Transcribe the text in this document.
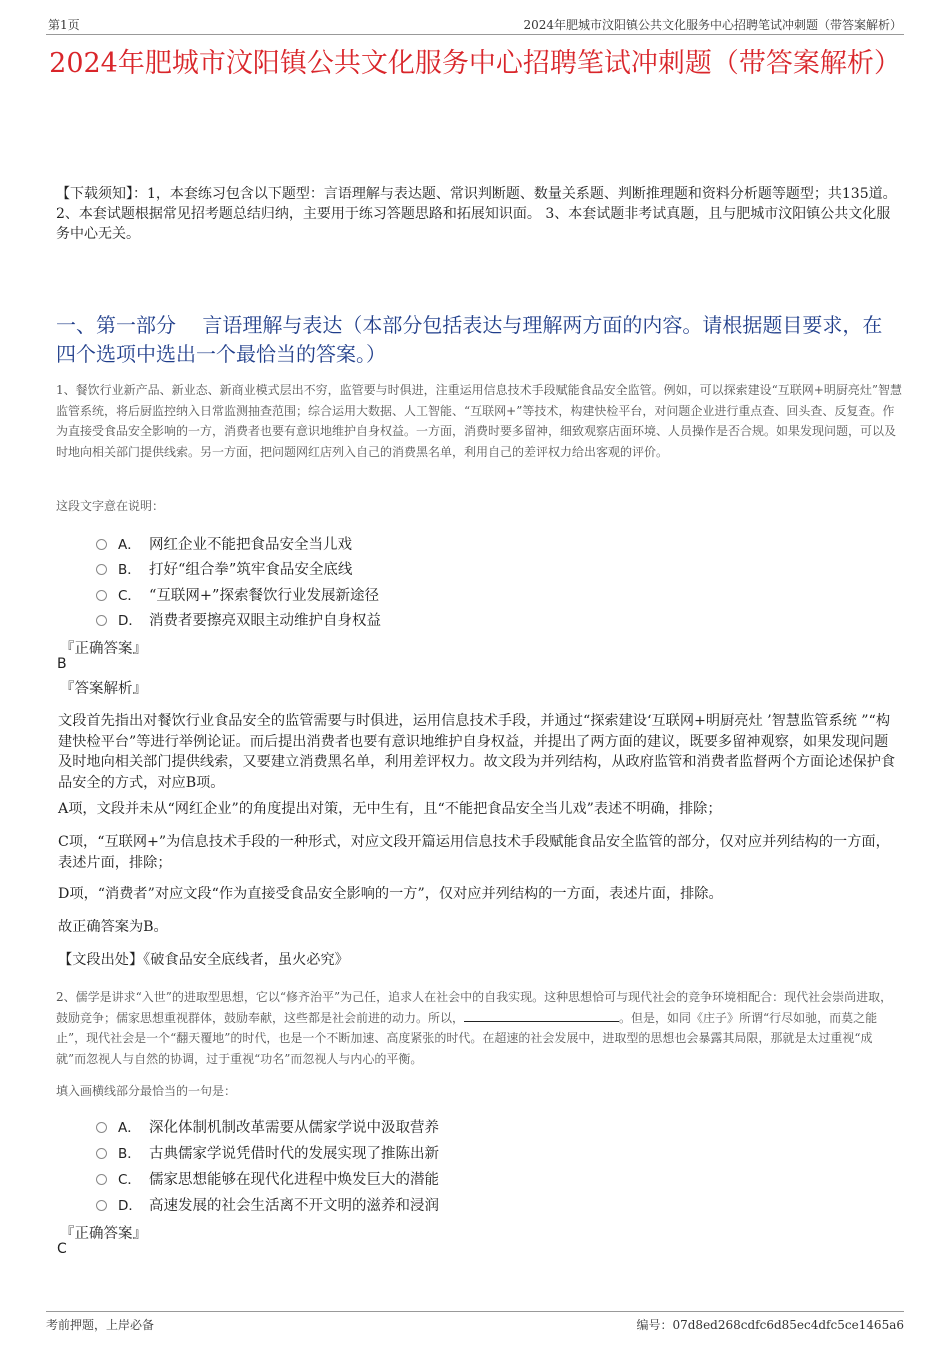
第1页	2024年肥城市汶阳镇公共文化服务中心招聘笔试冲刺题（带答案解析）
2024年肥城市汶阳镇公共文化服务中心招聘笔试冲刺题（带答案解析）
【下载须知】：1，本套练习包含以下题型：言语理解与表达题、常识判断题、数量关系题、判断推理题和资料分析题等题型；共135道。 2、本套试题根据常见招考题总结归纳，主要用于练习答题思路和拓展知识面。 3、本套试题非考试真题，且与肥城市汶阳镇公共文化服务中心无关。
一、第一部分　 言语理解与表达（本部分包括表达与理解两方面的内容。请根据题目要求，在四个选项中选出一个最恰当的答案。）
1、餐饮行业新产品、新业态、新商业模式层出不穷，监管要与时俱进，注重运用信息技术手段赋能食品安全监管。例如，可以探索建设“互联网+明厨亮灶”智慧监管系统，将后厨监控纳入日常监测抽查范围；综合运用大数据、人工智能、“互联网+”等技术，构建快检平台，对问题企业进行重点查、回头查、反复查。作为直接受食品安全影响的一方，消费者也要有意识地维护自身权益。一方面，消费时要多留神，细致观察店面环境、人员操作是否合规。如果发现问题，可以及时地向相关部门提供线索。另一方面，把问题网红店列入自己的消费黑名单，利用自己的差评权力给出客观的评价。
这段文字意在说明：
A． 网红企业不能把食品安全当儿戏
B． 打好“组合拳”筑牢食品安全底线
C． “互联网+”探索餐饮行业发展新途径
D． 消费者要擦亮双眼主动维护自身权益
『正确答案』
B
『答案解析』
文段首先指出对餐饮行业食品安全的监管需要与时俱进，运用信息技术手段，并通过“探索建设‘互联网+明厨亮灶 ’智慧监管系统 ”“构建快检平台”等进行举例论证。而后提出消费者也要有意识地维护自身权益，并提出了两方面的建议，既要多留神观察，如果发现问题及时地向相关部门提供线索，又要建立消费黑名单，利用差评权力。故文段为并列结构，从政府监管和消费者监督两个方面论述保护食品安全的方式，对应B项。
A项，文段并未从“网红企业”的角度提出对策，无中生有，且“不能把食品安全当儿戏”表述不明确，排除；
C项，“互联网+”为信息技术手段的一种形式，对应文段开篇运用信息技术手段赋能食品安全监管的部分，仅对应并列结构的一方面，表述片面，排除；
D项，“消费者”对应文段“作为直接受食品安全影响的一方”，仅对应并列结构的一方面，表述片面，排除。
故正确答案为B。
【文段出处】《破食品安全底线者，虽火必究》
2、儒学是讲求“入世”的进取型思想，它以“修齐治平”为己任，追求人在社会中的自我实现。这种思想恰可与现代社会的竞争环境相配合：现代社会崇尚进取，鼓励竞争；儒家思想重视群体，鼓励奉献，这些都是社会前进的动力。所以，	。但是，如同《庄子》所谓“行尽如驰，而莫之能止”，现代社会是一个“翻天覆地”的时代，也是一个不断加速、高度紧张的时代。在超速的社会发展中，进取型的思想也会暴露其局限，那就是太过重视“成就”而忽视人与自然的协调，过于重视“功名”而忽视人与内心的平衡。
填入画横线部分最恰当的一句是：
A． 深化体制机制改革需要从儒家学说中汲取营养
B． 古典儒家学说凭借时代的发展实现了推陈出新
C． 儒家思想能够在现代化进程中焕发巨大的潜能
D． 高速发展的社会生活离不开文明的滋养和浸润
『正确答案』
C
考前押题，上岸必备	编号：07d8ed268cdfc6d85ec4dfc5ce1465a6
